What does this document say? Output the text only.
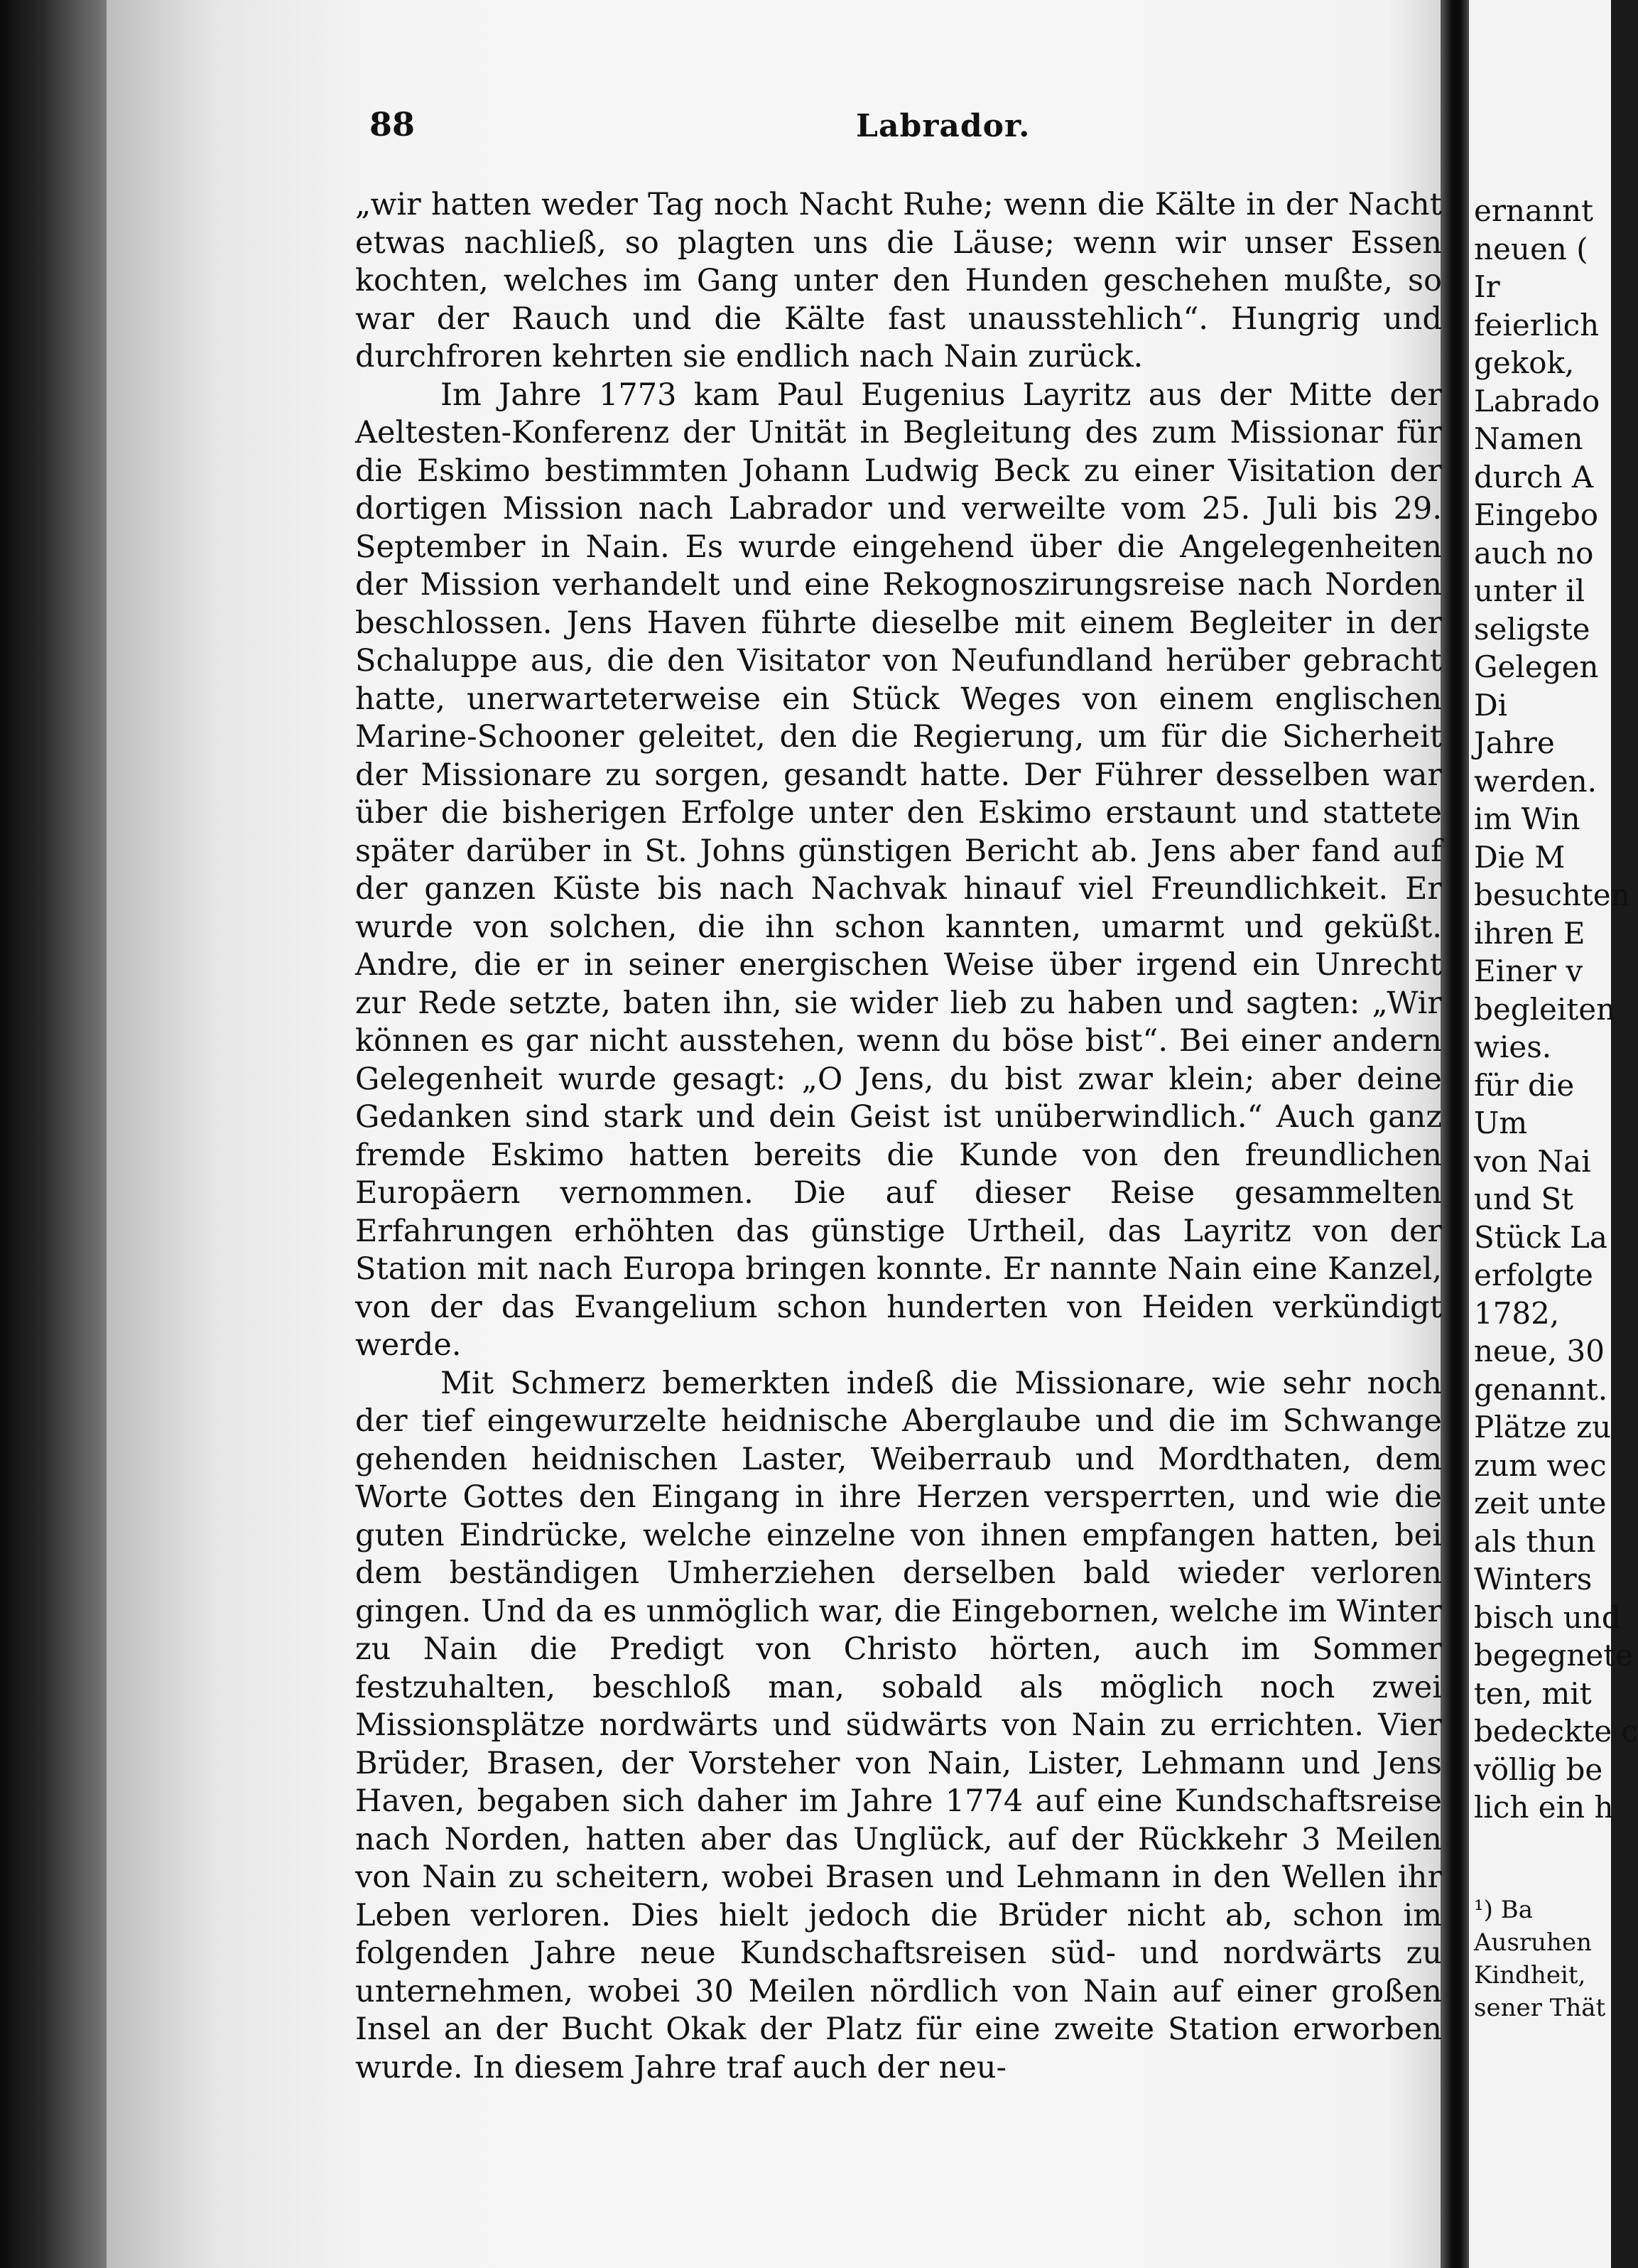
88	Labrador.

„wir hatten weder Tag noch Nacht Ruhe; wenn die Kälte in der Nacht etwas nachließ, so plagten uns die Läuse; wenn wir unser Essen kochten, welches im Gang unter den Hunden geschehen mußte, so war der Rauch und die Kälte fast unausstehlich“. Hungrig und durchfroren kehrten sie endlich nach Nain zurück.

Im Jahre 1773 kam Paul Eugenius Layritz aus der Mitte der Aeltesten-Konferenz der Unität in Begleitung des zum Missionar für die Eskimo bestimmten Johann Ludwig Beck zu einer Visitation der dortigen Mission nach Labrador und verweilte vom 25. Juli bis 29. September in Nain. Es wurde eingehend über die Angelegenheiten der Mission verhandelt und eine Rekognoszirungsreise nach Norden beschlossen. Jens Haven führte dieselbe mit einem Begleiter in der Schaluppe aus, die den Visitator von Neufundland herüber gebracht hatte, unerwarteterweise ein Stück Weges von einem englischen Marine-Schooner geleitet, den die Regierung, um für die Sicherheit der Missionare zu sorgen, gesandt hatte. Der Führer desselben war über die bisherigen Erfolge unter den Eskimo erstaunt und stattete später darüber in St. Johns günstigen Bericht ab. Jens aber fand auf der ganzen Küste bis nach Nachvak hinauf viel Freundlichkeit. Er wurde von solchen, die ihn schon kannten, umarmt und geküßt. Andre, die er in seiner energischen Weise über irgend ein Unrecht zur Rede setzte, baten ihn, sie wider lieb zu haben und sagten: „Wir können es gar nicht ausstehen, wenn du böse bist“. Bei einer andern Gelegenheit wurde gesagt: „O Jens, du bist zwar klein; aber deine Gedanken sind stark und dein Geist ist unüberwindlich.“ Auch ganz fremde Eskimo hatten bereits die Kunde von den freundlichen Europäern vernommen. Die auf dieser Reise gesammelten Erfahrungen erhöhten das günstige Urtheil, das Layritz von der Station mit nach Europa bringen konnte. Er nannte Nain eine Kanzel, von der das Evangelium schon hunderten von Heiden verkündigt werde.

Mit Schmerz bemerkten indeß die Missionare, wie sehr noch der tief eingewurzelte heidnische Aberglaube und die im Schwange gehenden heidnischen Laster, Weiberraub und Mordthaten, dem Worte Gottes den Eingang in ihre Herzen versperrten, und wie die guten Eindrücke, welche einzelne von ihnen empfangen hatten, bei dem beständigen Umherziehen derselben bald wieder verloren gingen. Und da es unmöglich war, die Eingebornen, welche im Winter zu Nain die Predigt von Christo hörten, auch im Sommer festzuhalten, beschloß man, sobald als möglich noch zwei Missionsplätze nordwärts und südwärts von Nain zu errichten. Vier Brüder, Brasen, der Vorsteher von Nain, Lister, Lehmann und Jens Haven, begaben sich daher im Jahre 1774 auf eine Kundschaftsreise nach Norden, hatten aber das Unglück, auf der Rückkehr 3 Meilen von Nain zu scheitern, wobei Brasen und Lehmann in den Wellen ihr Leben verloren. Dies hielt jedoch die Brüder nicht ab, schon im folgenden Jahre neue Kundschaftsreisen süd- und nordwärts zu unternehmen, wobei 30 Meilen nördlich von Nain auf einer großen Insel an der Bucht Okak der Platz für eine zweite Station erworben wurde. In diesem Jahre traf auch der neu-

ernannt
neuen (
Ir
feierlich
gekok,
Labrado
Namen
durch A
Eingebo
auch no
unter il
seligste
Gelegen
Di
Jahre
werden.
im Win
Die M
besuchten
ihren E
Einer v
begleiten
wies.
für die
Um
von Nai
und St
Stück La
erfolgte
1782,
neue, 30
genannt.
Plätze zu
zum wec
zeit unte
als thun
Winters
bisch und
begegnete
ten, mit
bedeckte c
völlig be
lich ein h
¹) Ba
Ausruhen
Kindheit,
sener Thät
